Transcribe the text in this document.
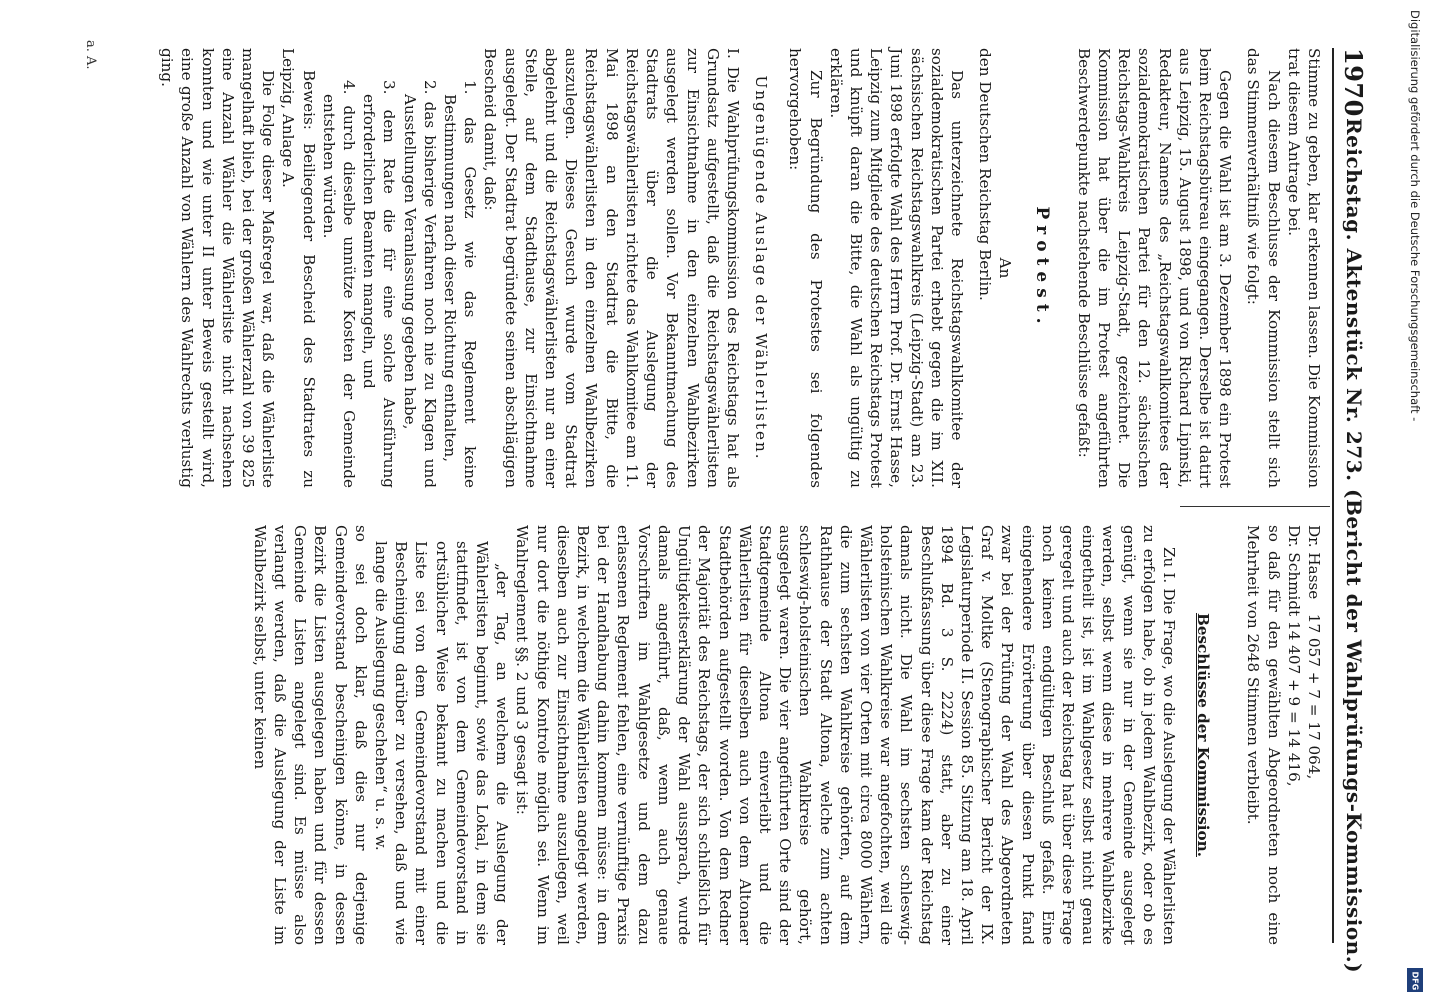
1970
Reichstag. Aktenstück Nr. 273. (Bericht der Wahlprüfungs-Kommission.)

Stimme zu geben, klar erkennen lassen. Die Kommission trat diesem Antrage bei.

Nach diesem Beschlusse der Kommission stellt sich das Stimmenverhältniß wie folgt:

Gegen die Wahl ist am 3. Dezember 1898 ein Protest beim Reichstagsbüreau eingegangen. Derselbe ist datirt aus Leipzig, 15. August 1898, und von Richard Lipinski, Redakteur, Namens des „Reichstagswahlkomitees der sozialdemokratischen Partei für den 12. sächsischen Reichstags-Wahlkreis Leipzig-Stadt, gezeichnet. Die Kommission hat über die im Protest angeführten Beschwerdepunkte nachstehende Beschlüsse gefaßt:

Protest.

An

den Deutschen Reichstag Berlin.

Das unterzeichnete Reichstagswahlkomitee der sozialdemokratischen Partei erhebt gegen die im XII. sächsischen Reichstagswahlkreis (Leipzig-Stadt) am 23. Juni 1898 erfolgte Wahl des Herrn Prof. Dr. Ernst Hasse, Leipzig zum Mitgliede des deutschen Reichstags Protest und knüpft daran die Bitte, die Wahl als ungültig zu erklären.

Zur Begründung des Protestes sei folgendes hervorgehoben:

Ungenügende Auslage der Wählerlisten.

I. Die Wahlprüfungskommission des Reichstags hat als Grundsatz aufgestellt, daß die Reichstagswählerlisten zur Einsichtnahme in den einzelnen Wahlbezirken ausgelegt werden sollen. Vor Bekanntmachung des Stadtrats über die Auslegung der Reichstagswählerlisten richtete das Wahlkomitee am 11. Mai 1898 an den Stadtrat die Bitte, die Reichstagswählerlisten in den einzelnen Wahlbezirken auszulegen. Dieses Gesuch wurde vom Stadtrat abgelehnt und die Reichstagswählerlisten nur an einer Stelle, auf dem Stadthause, zur Einsichtnahme ausgelegt. Der Stadtrat begründete seinen abschlägigen Bescheid damit, daß:

1. das Gesetz wie das Reglement keine Bestimmungen nach dieser Richtung enthalten,

2. das bisherige Verfahren noch nie zu Klagen und Ausstellungen Veranlassung gegeben habe,

3. dem Rate die für eine solche Ausführung erforderlichen Beamten mangeln, und

4. durch dieselbe unnütze Kosten der Gemeinde entstehen würden.

Beweis: Beiliegender Bescheid des Stadtrates zu Leipzig, Anlage A.

Die Folge dieser Maßregel war, daß die Wählerliste mangelhaft blieb, bei der großen Wählerzahl von 39 825 eine Anzahl Wähler die Wählerliste nicht nachsehen konnten und wie unter II unter Beweis gestellt wird, eine große Anzahl von Wählern des Wahlrechts verlustig ging.

Dr. Hasse   17 057 + 7 = 17 064,

Dr. Schmidt 14 407 + 9 = 14 416,

so daß für den gewählten Abgeordneten noch eine Mehrheit von 2648 Stimmen verbleibt.

Beschlüsse der Kommission.

Zu I. Die Frage, wo die Auslegung der Wählerlisten zu erfolgen habe, ob in jedem Wahlbezirk, oder ob es genügt, wenn sie nur in der Gemeinde ausgelegt werden, selbst wenn diese in mehrere Wahlbezirke eingetheilt ist, ist im Wahlgesetz selbst nicht genau geregelt und auch der Reichstag hat über diese Frage noch keinen endgültigen Beschluß gefaßt. Eine eingehendere Erörterung über diesen Punkt fand zwar bei der Prüfung der Wahl des Abgeordneten Graf v. Moltke (Stenographischer Bericht der IX. Legislaturperiode II. Session 85. Sitzung am 18. April 1894 Bd. 3 S. 2224) statt, aber zu einer Beschlußfassung über diese Frage kam der Reichstag damals nicht. Die Wahl im sechsten schleswig-holsteinischen Wahlkreise war angefochten, weil die Wählerlisten von vier Orten mit circa 8000 Wählern, die zum sechsten Wahlkreise gehörten, auf dem Rathhause der Stadt Altona, welche zum achten schleswig-holsteinischen Wahlkreise gehört, ausgelegt waren. Die vier angeführten Orte sind der Stadtgemeinde Altona einverleibt und die Wählerlisten für dieselben auch von dem Altonaer Stadtbehörden aufgestellt worden. Von dem Redner der Majorität des Reichstags, der sich schließlich für Ungültigkeitserklärung der Wahl aussprach, wurde damals angeführt, daß, wenn auch genaue Vorschriften im Wahlgesetze und dem dazu erlassenen Reglement fehlen, eine vernünftige Praxis bei der Handhabung dahin kommen müsse: in dem Bezirk, in welchem die Wählerlisten angelegt werden, dieselben auch zur Einsichtnahme auszulegen, weil nur dort die nöthige Kontrole möglich sei. Wenn im Wahlreglement §§. 2 und 3 gesagt ist:

„der Tag, an welchem die Auslegung der Wählerlisten beginnt, sowie das Lokal, in dem sie stattfindet, ist von dem Gemeindevorstand in ortsüblicher Weise bekannt zu machen und die Liste sei von dem Gemeindevorstand mit einer Bescheinigung darüber zu versehen, daß und wie lange die Auslegung geschehen“ u. s. w.

so sei doch klar, daß dies nur derjenige Gemeindevorstand bescheinigen könne, in dessen Bezirk die Listen ausgelegen haben und für dessen Gemeinde Listen angelegt sind. Es müsse also verlangt werden, daß die Auslegung der Liste im Wahlbezirk selbst, unter keinen

a. A.	Digitalisierung gefördert durch die Deutsche Forschungsgemeinschaft -
DFG
